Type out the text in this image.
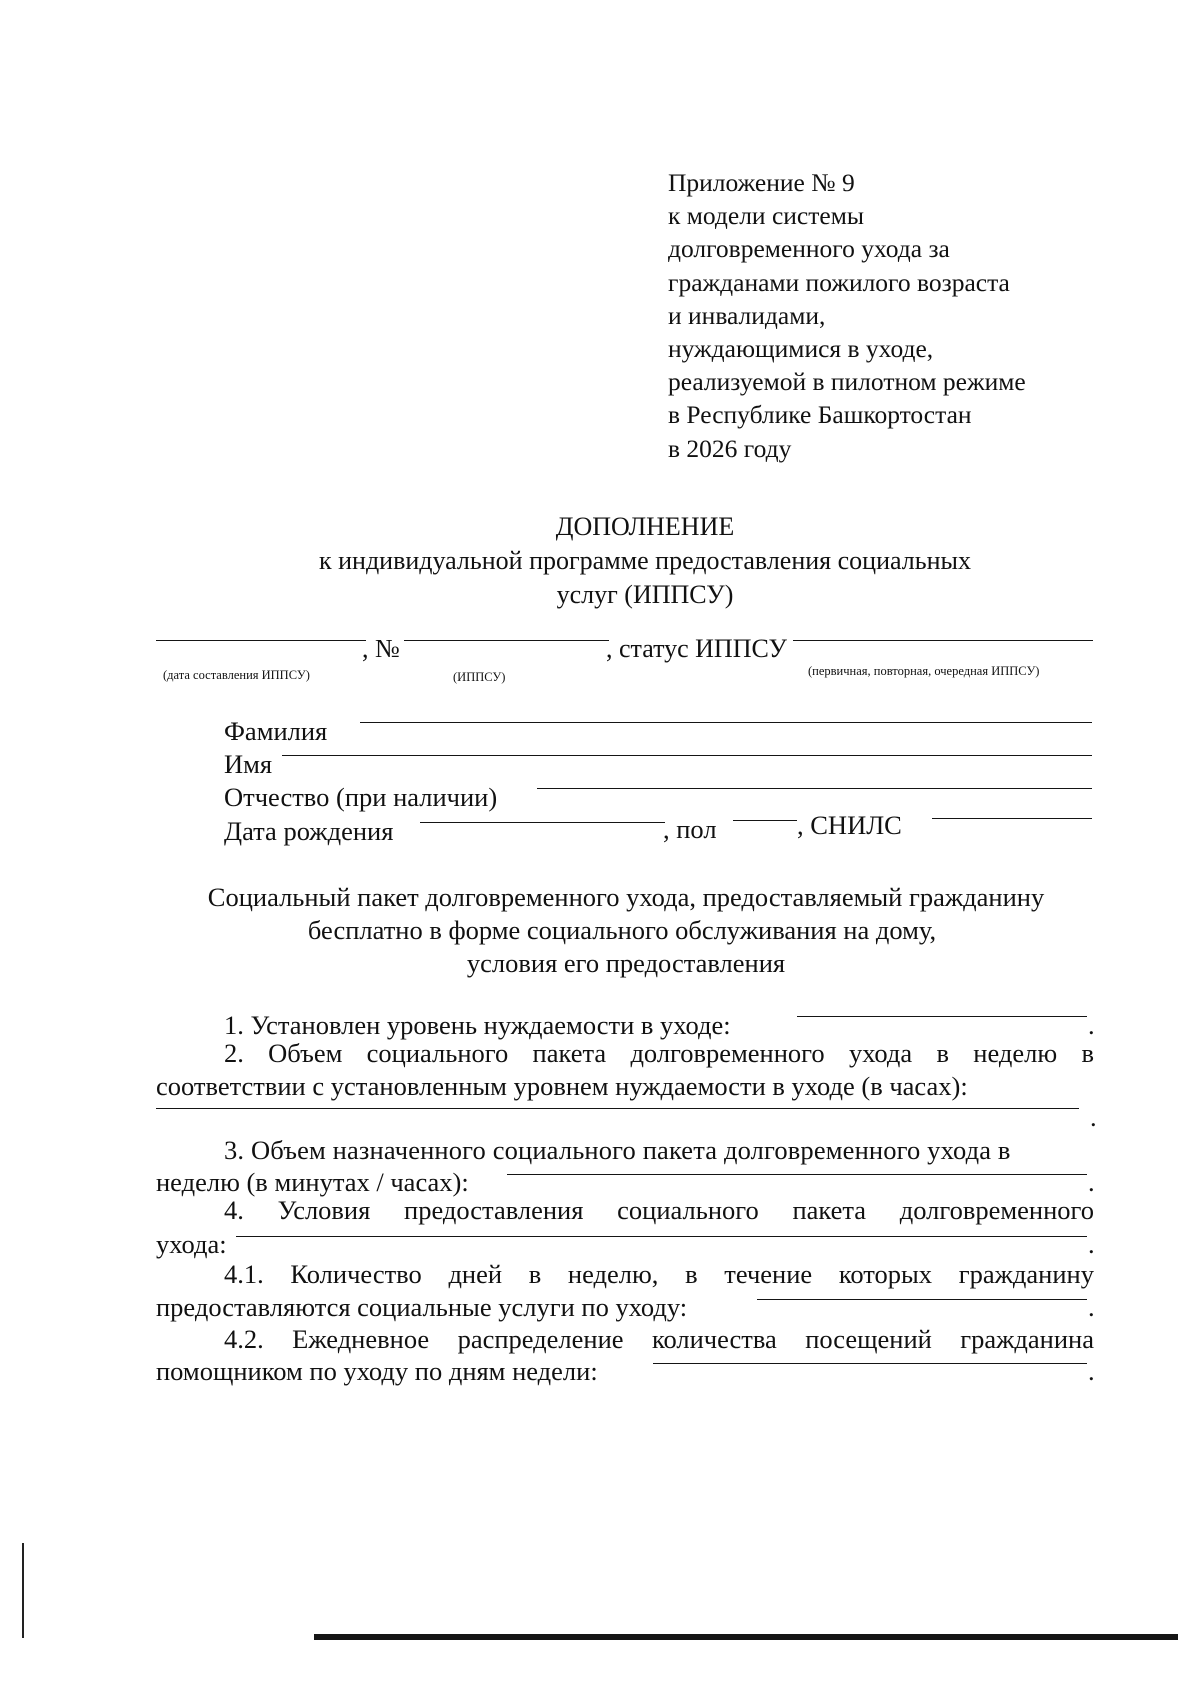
Приложение № 9
к модели системы
долговременного ухода за
гражданами пожилого возраста
и инвалидами,
нуждающимися в уходе,
реализуемой в пилотном режиме
в Республике Башкортостан
в 2026 году
ДОПОЛНЕНИЕ
к индивидуальной программе предоставления социальных
услуг (ИППСУ)
, №	, статус ИППСУ
(дата составления ИППСУ)	(ИППСУ)	(первичная, повторная, очередная ИППСУ)
Фамилия
Имя
Отчество (при наличии)
Дата рождения	, пол	, СНИЛС
Социальный пакет долговременного ухода, предоставляемый гражданину
бесплатно в форме социального обслуживания на дому,
условия его предоставления
1. Установлен уровень нуждаемости в уходе:	.
2. Объем социального пакета долговременного ухода в неделю в
соответствии с установленным уровнем нуждаемости в уходе (в часах):
.
3. Объем назначенного социального пакета долговременного ухода в
неделю (в минутах / часах):	.
4. Условия предоставления социального пакета долговременного
ухода:	.
4.1. Количество дней в неделю, в течение которых гражданину
предоставляются социальные услуги по уходу:	.
4.2. Ежедневное распределение количества посещений гражданина
помощником по уходу по дням недели:	.
